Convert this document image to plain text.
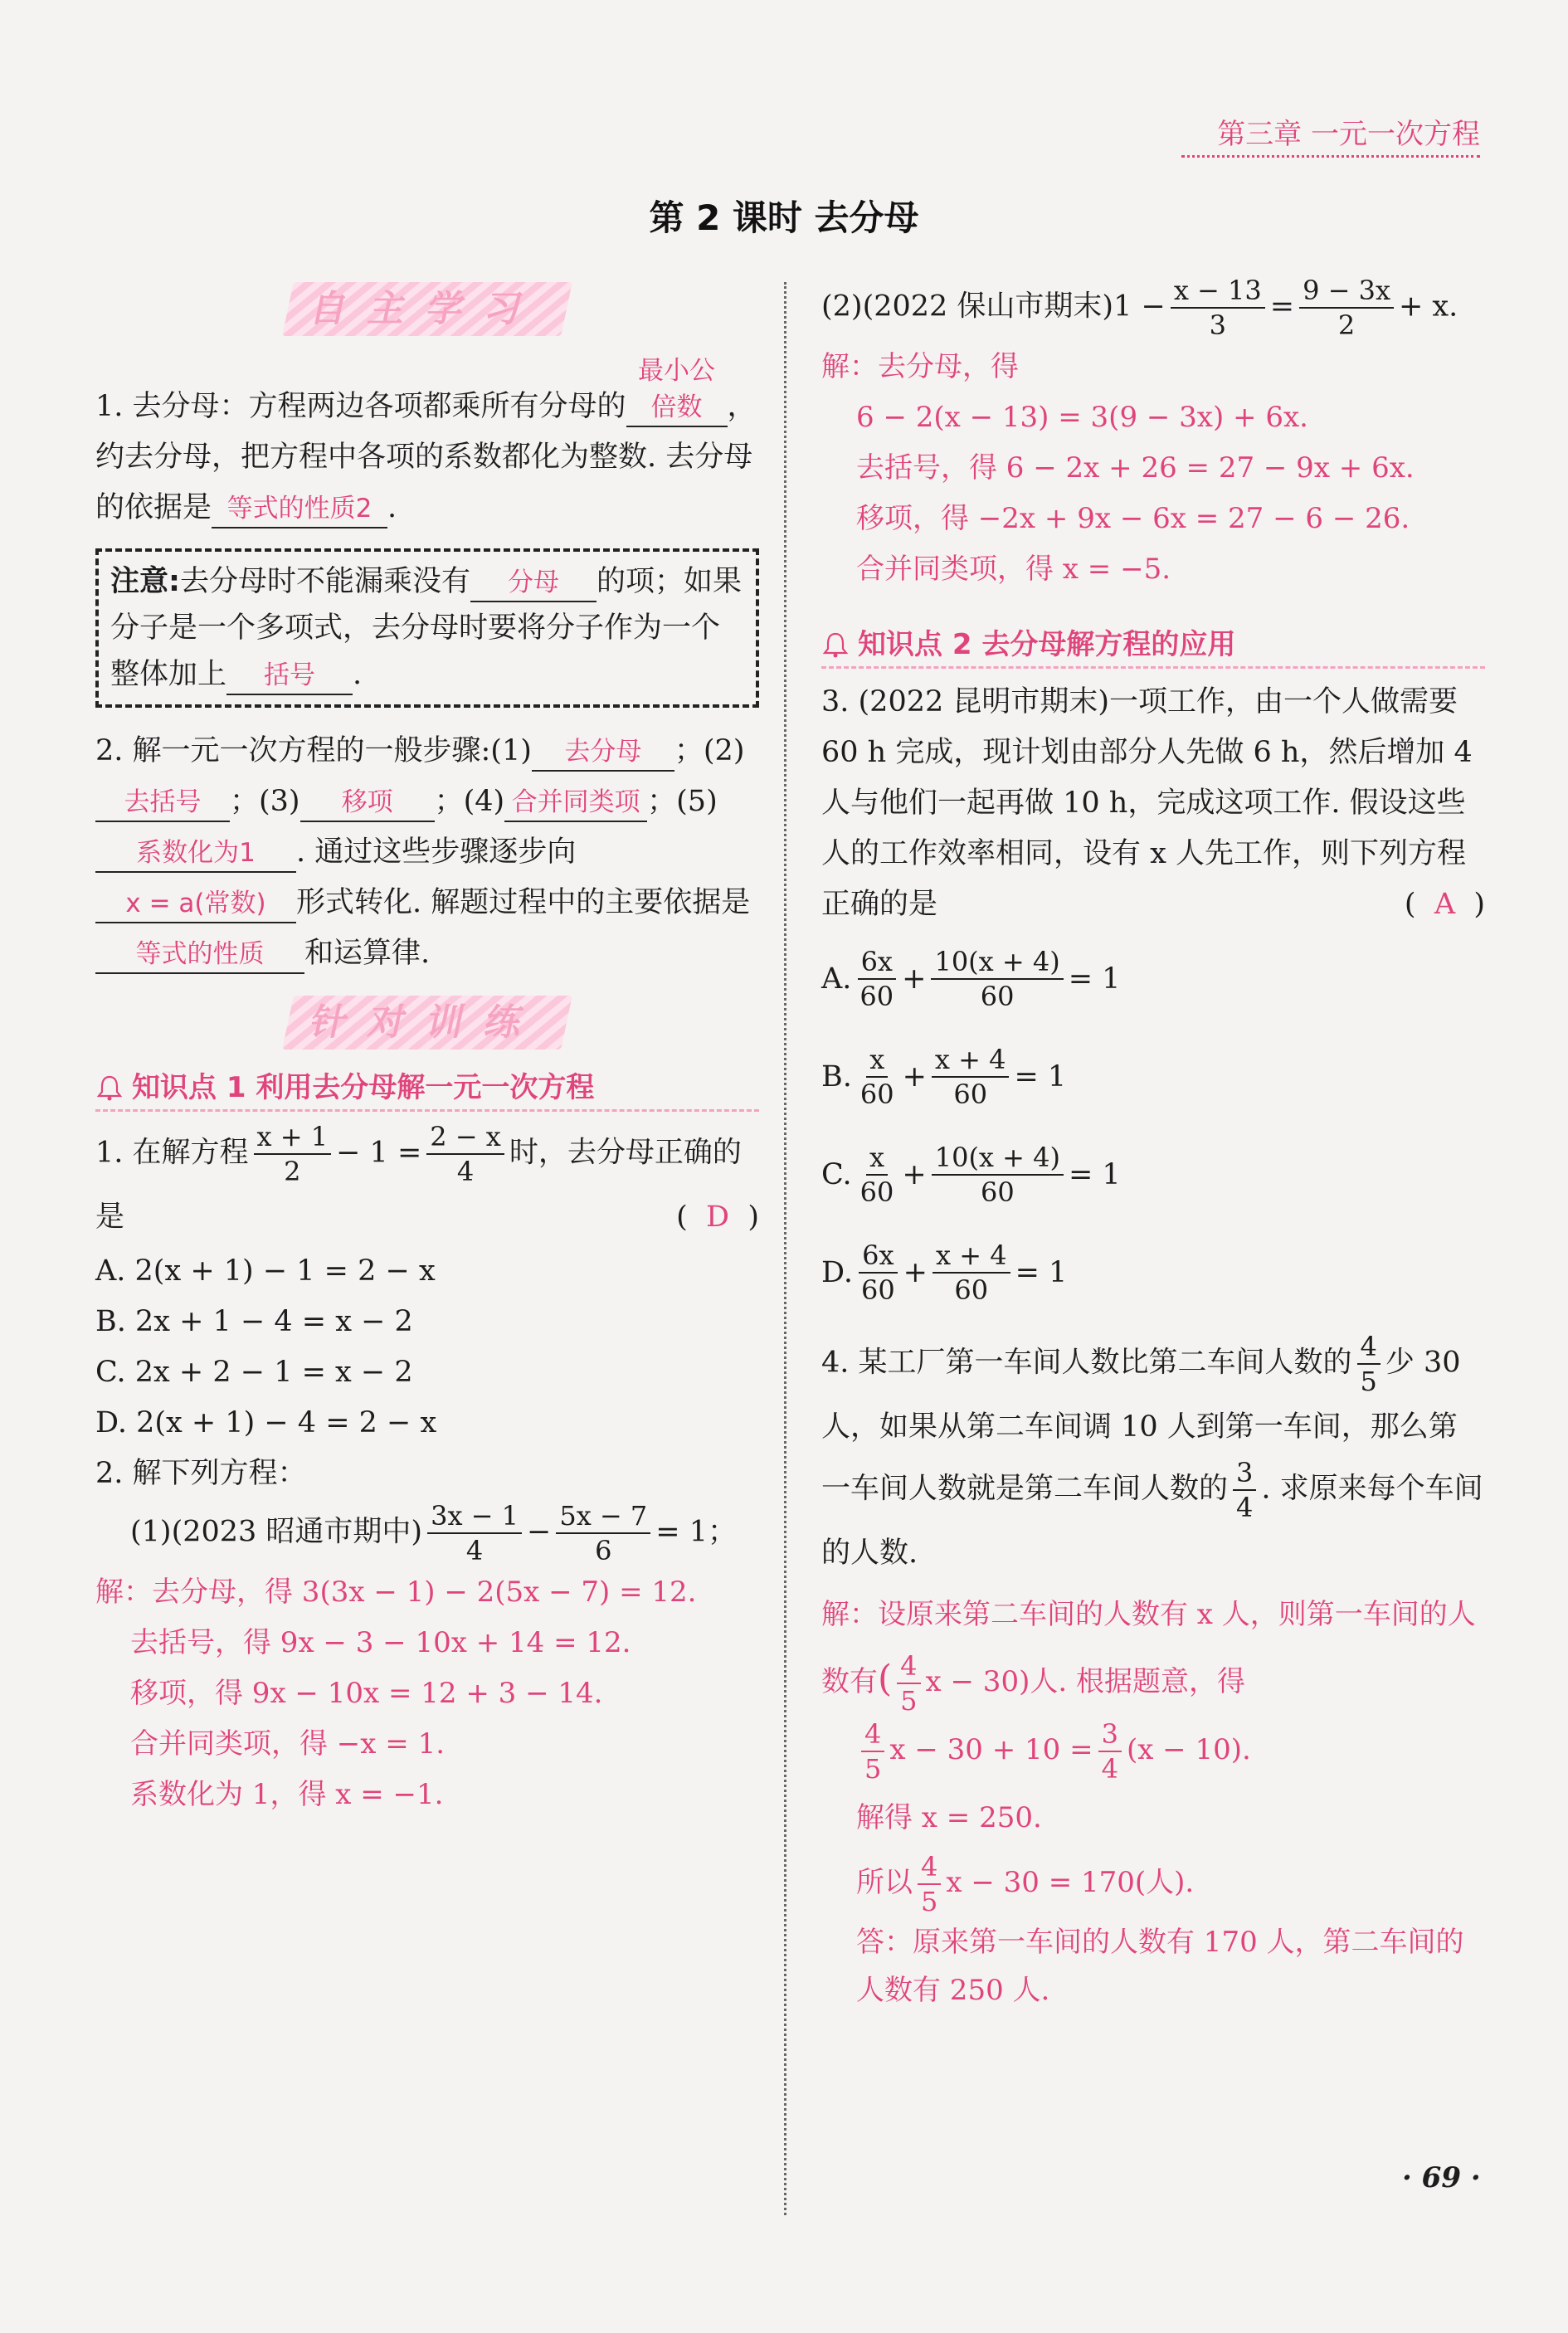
第三章 一元一次方程
第 2 课时 去分母
自主学习

1. 去分母：方程两边各项都乘所有分母的最小公倍数 ，约去分母，把方程中各项的系数都化为整数. 去分母的依据是 等式的性质2 .

注意:去分母时不能漏乘没有 分母 的项；如果分子是一个多项式，去分母时要将分子作为一个整体加上 括号 .

2. 解一元一次方程的一般步骤:(1) 去分母 ；(2)去括号 ；(3) 移项 ；(4) 合并同类项 ；(5)系数化为1 . 通过这些步骤逐步向x = a(常数) 形式转化. 解题过程中的主要依据是等式的性质 和运算律.

针对训练
知识点 1 利用去分母解一元一次方程

1. 在解方程 $\frac{x + 1}{2} - 1 = \frac{2 - x}{4}$ 时，去分母正确的是	(  D  )

A. 2(x + 1) − 1 = 2 − x
B. 2x + 1 − 4 = x − 2
C. 2x + 2 − 1 = x − 2
D. 2(x + 1) − 4 = 2 − x

2. 解下列方程：

(1)(2023 昭通市期中) $\frac{3x - 1}{4} - \frac{5x - 7}{6} = 1$；

解：去分母，得 3(3x − 1) − 2(5x − 7) = 12.
去括号，得 9x − 3 − 10x + 14 = 12.
移项，得 9x − 10x = 12 + 3 − 14.
合并同类项，得 −x = 1.
系数化为 1，得 x = −1.

(2)(2022 保山市期末)$1 - \frac{x - 13}{3} = \frac{9 - 3x}{2} + x$.

解：去分母，得
6 − 2(x − 13) = 3(9 − 3x) + 6x.
去括号，得 6 − 2x + 26 = 27 − 9x + 6x.
移项，得 −2x + 9x − 6x = 27 − 6 − 26.
合并同类项，得 x = −5.
知识点 2 去分母解方程的应用

3. (2022 昆明市期末)一项工作，由一个人做需要 60 h 完成，现计划由部分人先做 6 h，然后增加 4 人与他们一起再做 10 h，完成这项工作. 假设这些人的工作效率相同，设有 x 人先工作，则下列方程正确的是	(  A  )

A. $\frac{6x}{60} + \frac{10(x + 4)}{60} = 1$
B. $\frac{x}{60} + \frac{x + 4}{60} = 1$
C. $\frac{x}{60} + \frac{10(x + 4)}{60} = 1$
D. $\frac{6x}{60} + \frac{x + 4}{60} = 1$

4. 某工厂第一车间人数比第二车间人数的 $\frac{4}{5}$ 少 30 人，如果从第二车间调 10 人到第一车间，那么第一车间人数就是第二车间人数的 $\frac{3}{4}$ . 求原来每个车间的人数.

解：设原来第二车间的人数有 x 人，则第一车间的人数有( $\frac{4}{5}$ x − 30)人. 根据题意，得
$\frac{4}{5}$ $x - 30 + 10 = \frac{3}{4} (x - 10)$.
解得 x = 250.
所以 $\frac{4}{5}$ x − 30 = 170(人).
答：原来第一车间的人数有 170 人，第二车间的人数有 250 人.
· 69 ·
